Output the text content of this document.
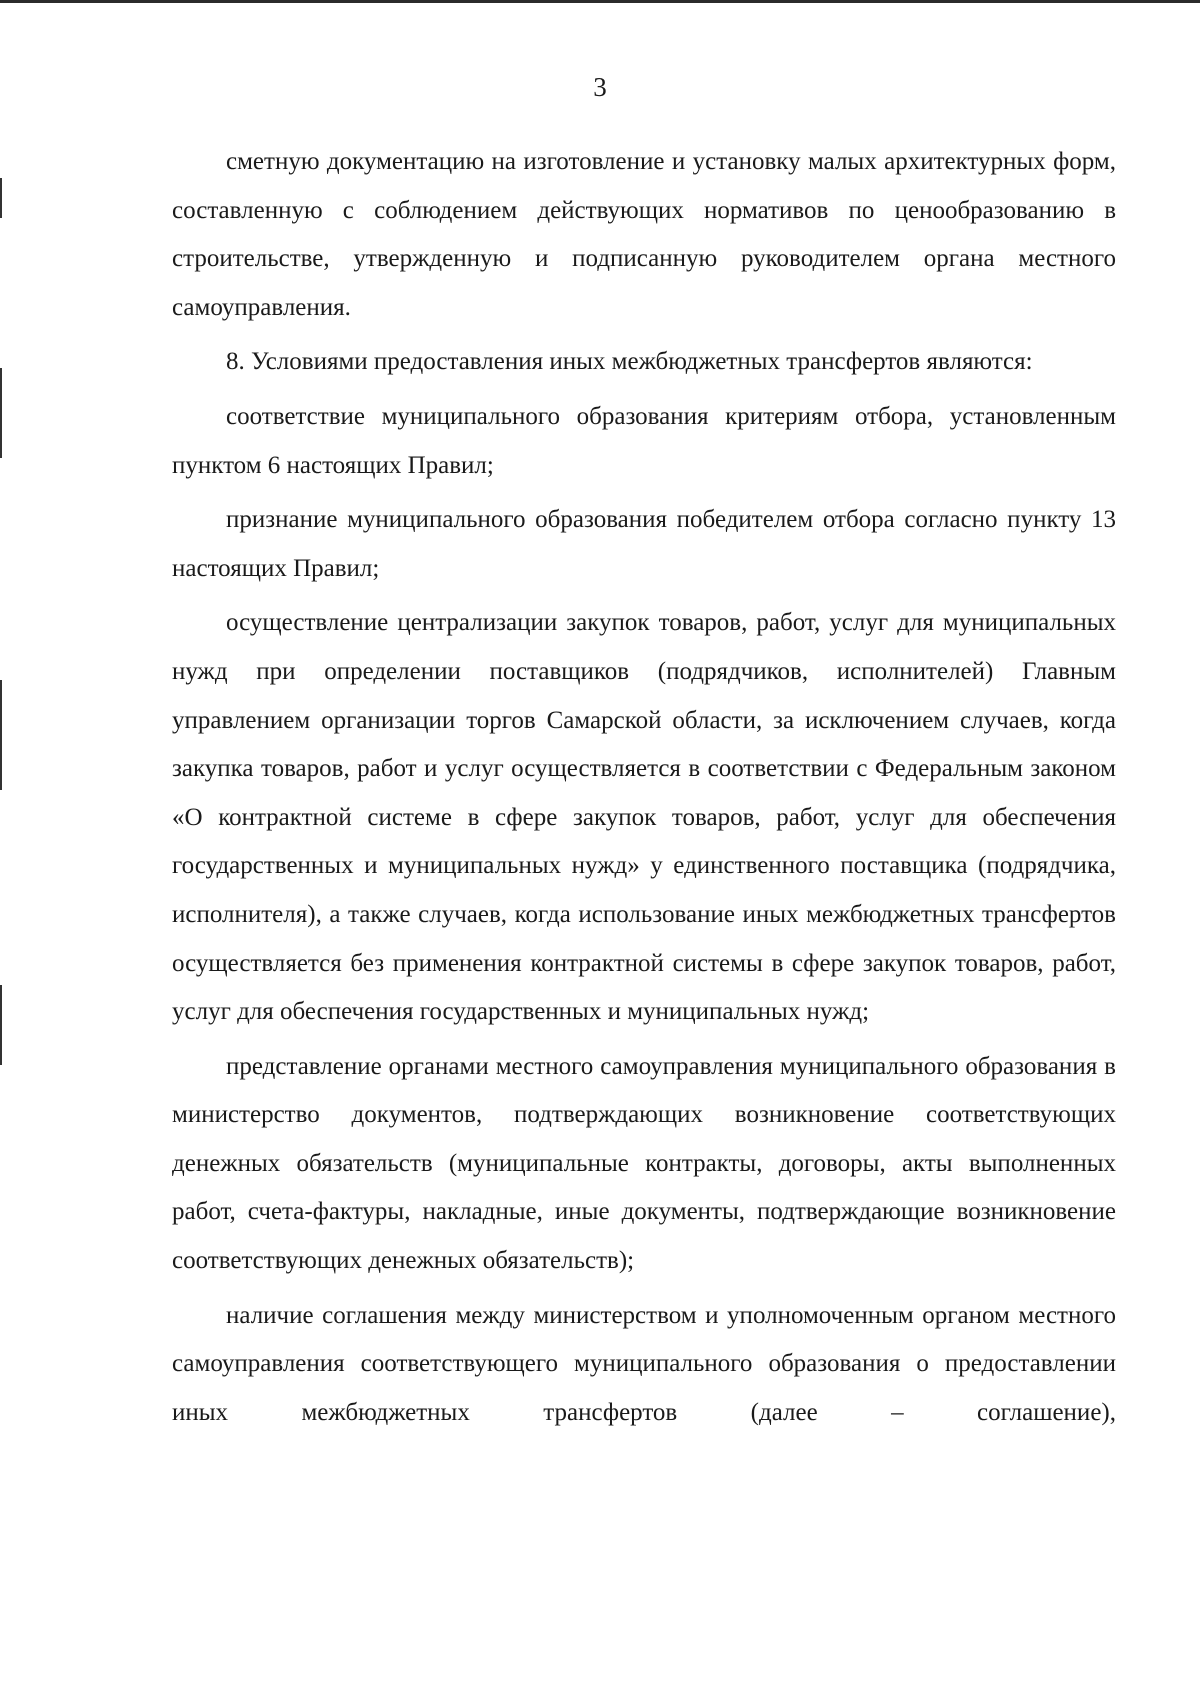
3

сметную документацию на изготовление и установку малых архитектурных форм, составленную с соблюдением действующих нормативов по ценообразованию в строительстве, утвержденную и подписанную руководителем органа местного самоуправления.

8. Условиями предоставления иных межбюджетных трансфертов являются:

соответствие муниципального образования критериям отбора, установленным пунктом 6 настоящих Правил;

признание муниципального образования победителем отбора согласно пункту 13 настоящих Правил;

осуществление централизации закупок товаров, работ, услуг для муниципальных нужд при определении поставщиков (подрядчиков, исполнителей) Главным управлением организации торгов Самарской области, за исключением случаев, когда закупка товаров, работ и услуг осуществляется в соответствии с Федеральным законом «О контрактной системе в сфере закупок товаров, работ, услуг для обеспечения государственных и муниципальных нужд» у единственного поставщика (подрядчика, исполнителя), а также случаев, когда использование иных межбюджетных трансфертов осуществляется без применения контрактной системы в сфере закупок товаров, работ, услуг для обеспечения государственных и муниципальных нужд;

представление органами местного самоуправления муниципального образования в министерство документов, подтверждающих возникновение соответствующих денежных обязательств (муниципальные контракты, договоры, акты выполненных работ, счета-фактуры, накладные, иные документы, подтверждающие возникновение соответствующих денежных обязательств);

наличие соглашения между министерством и уполномоченным органом местного самоуправления соответствующего муниципального образования о предоставлении иных межбюджетных трансфертов (далее – соглашение),
